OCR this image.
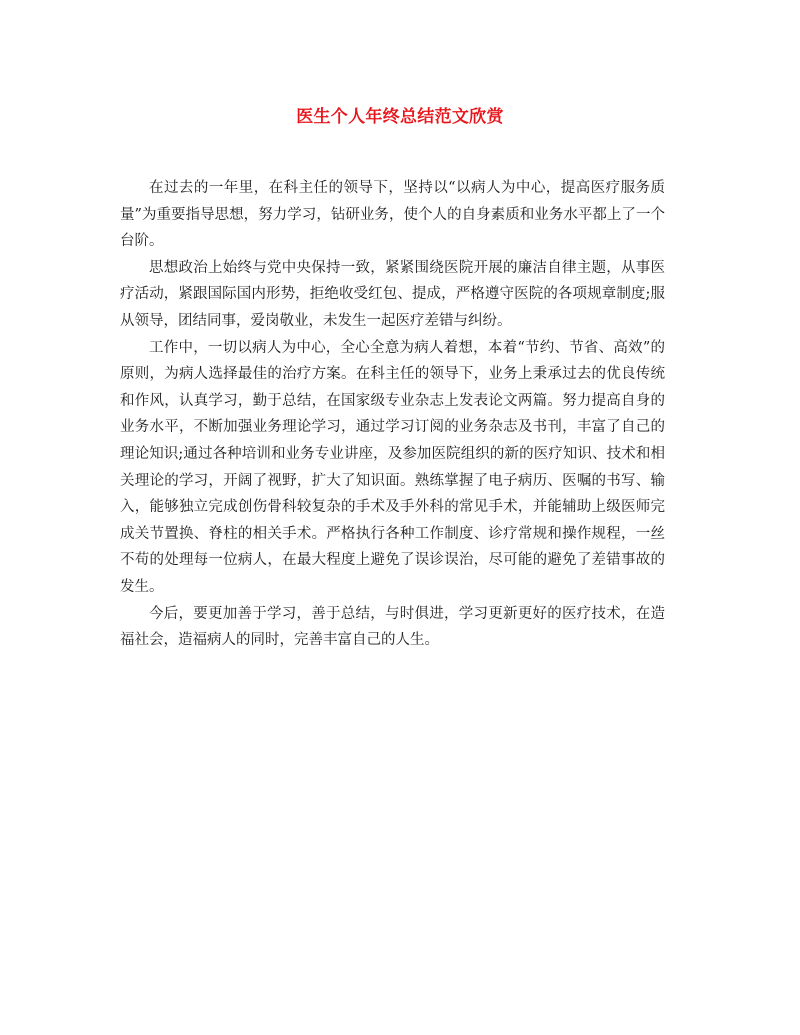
医生个人年终总结范文欣赏

在过去的一年里，在科主任的领导下，坚持以“以病人为中心，提高医疗服务质量”为重要指导思想，努力学习，钻研业务，使个人的自身素质和业务水平都上了一个台阶。

思想政治上始终与党中央保持一致，紧紧围绕医院开展的廉洁自律主题，从事医疗活动，紧跟国际国内形势，拒绝收受红包、提成，严格遵守医院的各项规章制度;服从领导，团结同事，爱岗敬业，未发生一起医疗差错与纠纷。

工作中，一切以病人为中心，全心全意为病人着想，本着“节约、节省、高效”的原则，为病人选择最佳的治疗方案。在科主任的领导下，业务上秉承过去的优良传统和作风，认真学习，勤于总结，在国家级专业杂志上发表论文两篇。努力提高自身的业务水平，不断加强业务理论学习，通过学习订阅的业务杂志及书刊，丰富了自己的理论知识;通过各种培训和业务专业讲座，及参加医院组织的新的医疗知识、技术和相关理论的学习，开阔了视野，扩大了知识面。熟练掌握了电子病历、医嘱的书写、输入，能够独立完成创伤骨科较复杂的手术及手外科的常见手术，并能辅助上级医师完成关节置换、脊柱的相关手术。严格执行各种工作制度、诊疗常规和操作规程，一丝不苟的处理每一位病人，在最大程度上避免了误诊误治，尽可能的避免了差错事故的发生。

今后，要更加善于学习，善于总结，与时俱进，学习更新更好的医疗技术，在造福社会，造福病人的同时，完善丰富自己的人生。
